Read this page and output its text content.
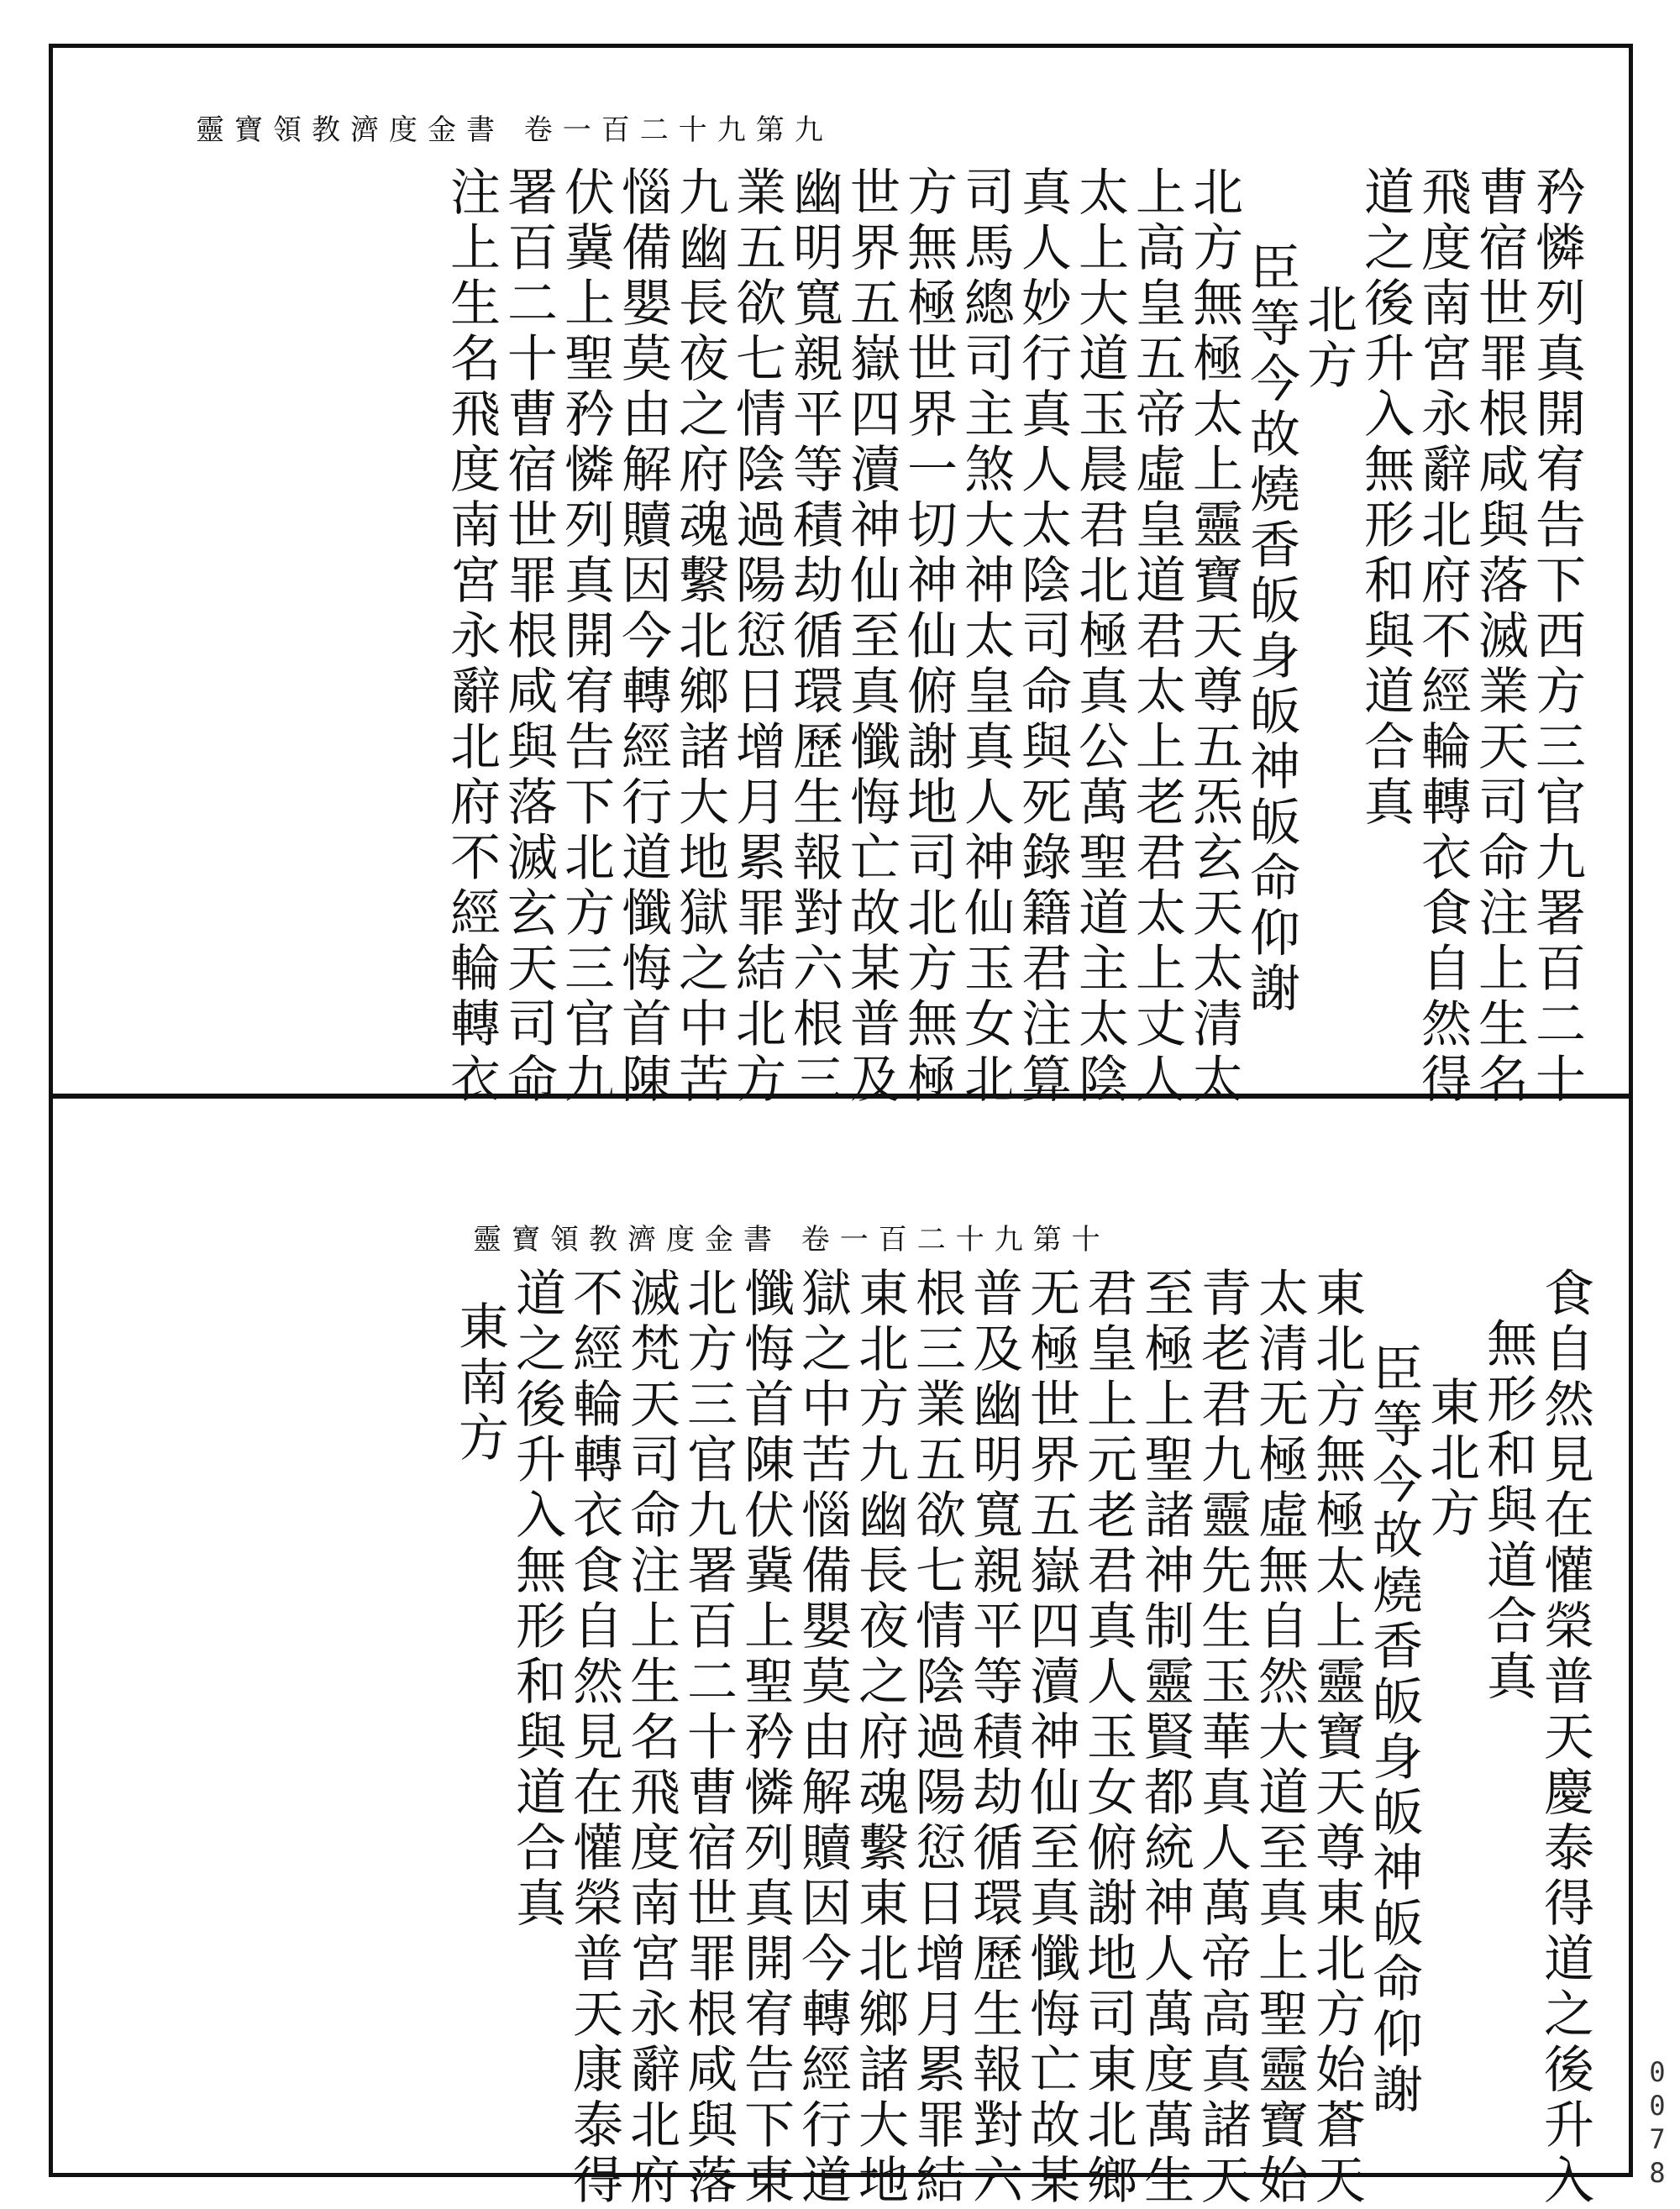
靈寶領教濟度金書 卷一百二十九第九
矜憐列真開宥告下西方三官九署百二十
曹宿世罪根咸與落滅業天司命注上生名
飛度南宮永辭北府不經輪轉衣食自然得
道之後升入無形和與道合真
北方
臣等今故燒香皈身皈神皈命仰謝
北方無極太上靈寶天尊五炁玄天太清太
上高皇五帝虛皇道君太上老君太上丈人
太上大道玉晨君北極真公萬聖道主太陰
真人妙行真人太陰司命與死錄籍君注算
司馬總司主煞大神太皇真人神仙玉女北
方無極世界一切神仙俯謝地司北方無極
世界五嶽四瀆神仙至真懺悔亡故某普及
幽明寬親平等積劫循環歷生報對六根三
業五欲七情陰過陽愆日增月累罪結北方
九幽長夜之府魂繫北鄉諸大地獄之中苦
惱備嬰莫由解贖因今轉經行道懺悔首陳
伏冀上聖矜憐列真開宥告下北方三官九
署百二十曹宿世罪根咸與落滅玄天司命
注上生名飛度南宮永辭北府不經輪轉衣
靈寶領教濟度金書 卷一百二十九第十
食自然見在懽榮普天慶泰得道之後升入
無形和與道合真
東北方
臣等今故燒香皈身皈神皈命仰謝
東北方無極太上靈寶天尊東北方始蒼天
太清无極虛無自然大道至真上聖靈寶始
青老君九靈先生玉華真人萬帝高真諸天
至極上聖諸神制靈賢都統神人萬度萬生
君皇上元老君真人玉女俯謝地司東北鄉
无極世界五嶽四瀆神仙至真懺悔亡故某
普及幽明寬親平等積劫循環歷生報對六
根三業五欲七情陰過陽愆日增月累罪結
東北方九幽長夜之府魂繫東北鄉諸大地
獄之中苦惱備嬰莫由解贖因今轉經行道
懺悔首陳伏冀上聖矜憐列真開宥告下東
北方三官九署百二十曹宿世罪根咸與落
滅梵天司命注上生名飛度南宮永辭北府
不經輪轉衣食自然見在懽榮普天康泰得
道之後升入無形和與道合真
東南方
0078
